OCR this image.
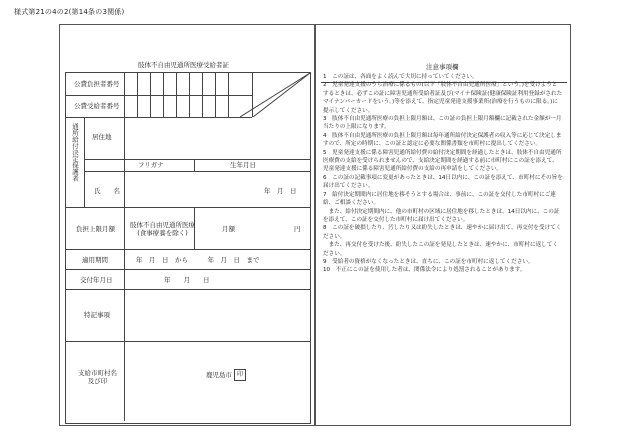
様式第21の4の2(第14条の3関係)
肢体不自由児通所医療受給者証
公費負担者番号
公費受給者番号
通所給付決定保護者 居住地
フリガナ	生年月日
氏　　名	年　月　日
負担上限月額 肢体不自由児通所医療
(食事療養を除く)	月額	円
適用期間	年　月　日　から　　　年　月　日　まで
交付年月日	年　　月　　日
特記事項
支給市町村名
及び印
鹿児島市 印
注意事項欄
1　この証は、各面をよく読んで大切に持っていてください。
2　児童発達支援のうち治療に係るもの(以下「肢体不自由児通所医療」という。)を受けようとするときは、必ずこの証に障害児通所受給者証及び(マイナ保険証(健康保険証利用登録がされたマイナンバーカードをいう。)等を添えて、指定児童発達支援事業所(治療を行うものに限る。)に提示してください。
3　肢体不自由児通所医療の負担上限月額は、この証の負担上限月額欄に記載された金額が一月当たりの上限になります。
4　肢体不自由児通所医療の負担上限月額は毎年通所給付決定保護者の収入等に応じて決定しますので、所定の時期に、この証と認定に必要な関係書類を市町村に提出してください。
5　児童発達支援に係る障害児通所給付費の給付決定期間を経過したときは、肢体不自由児通所医療費の支給を受けられませんので、支給決定期間を経過する前に市町村にこの証を添えて、児童発達支援に係る障害児通所給付費の支給の再申請をしてください。
6　この証の記載事項に変更があったときは、14日以内に、この証を添えて、市町村にその旨を届け出てください。
7　給付決定期間内に居住地を移そうとする場合は、事前に、この証を交付した市町村にご連絡、ご相談ください。
　また、給付決定期間内に、他の市町村の区域に居住地を移したときは、14日以内に、この証を添えて、この証を交付した市町村に届け出てください。
8　この証を破損したり、汚したり又は紛失したときは、速やかに届け出て、再交付を受けてください。
　また、再交付を受けた後、紛失したこの証を発見したときは、速やかに、市町村に返してください。
9　受給者の資格がなくなったときは、直ちに、この証を市町村に返してください。
10　不正にこの証を使用した者は、関係法令により処罰されることがあります。
